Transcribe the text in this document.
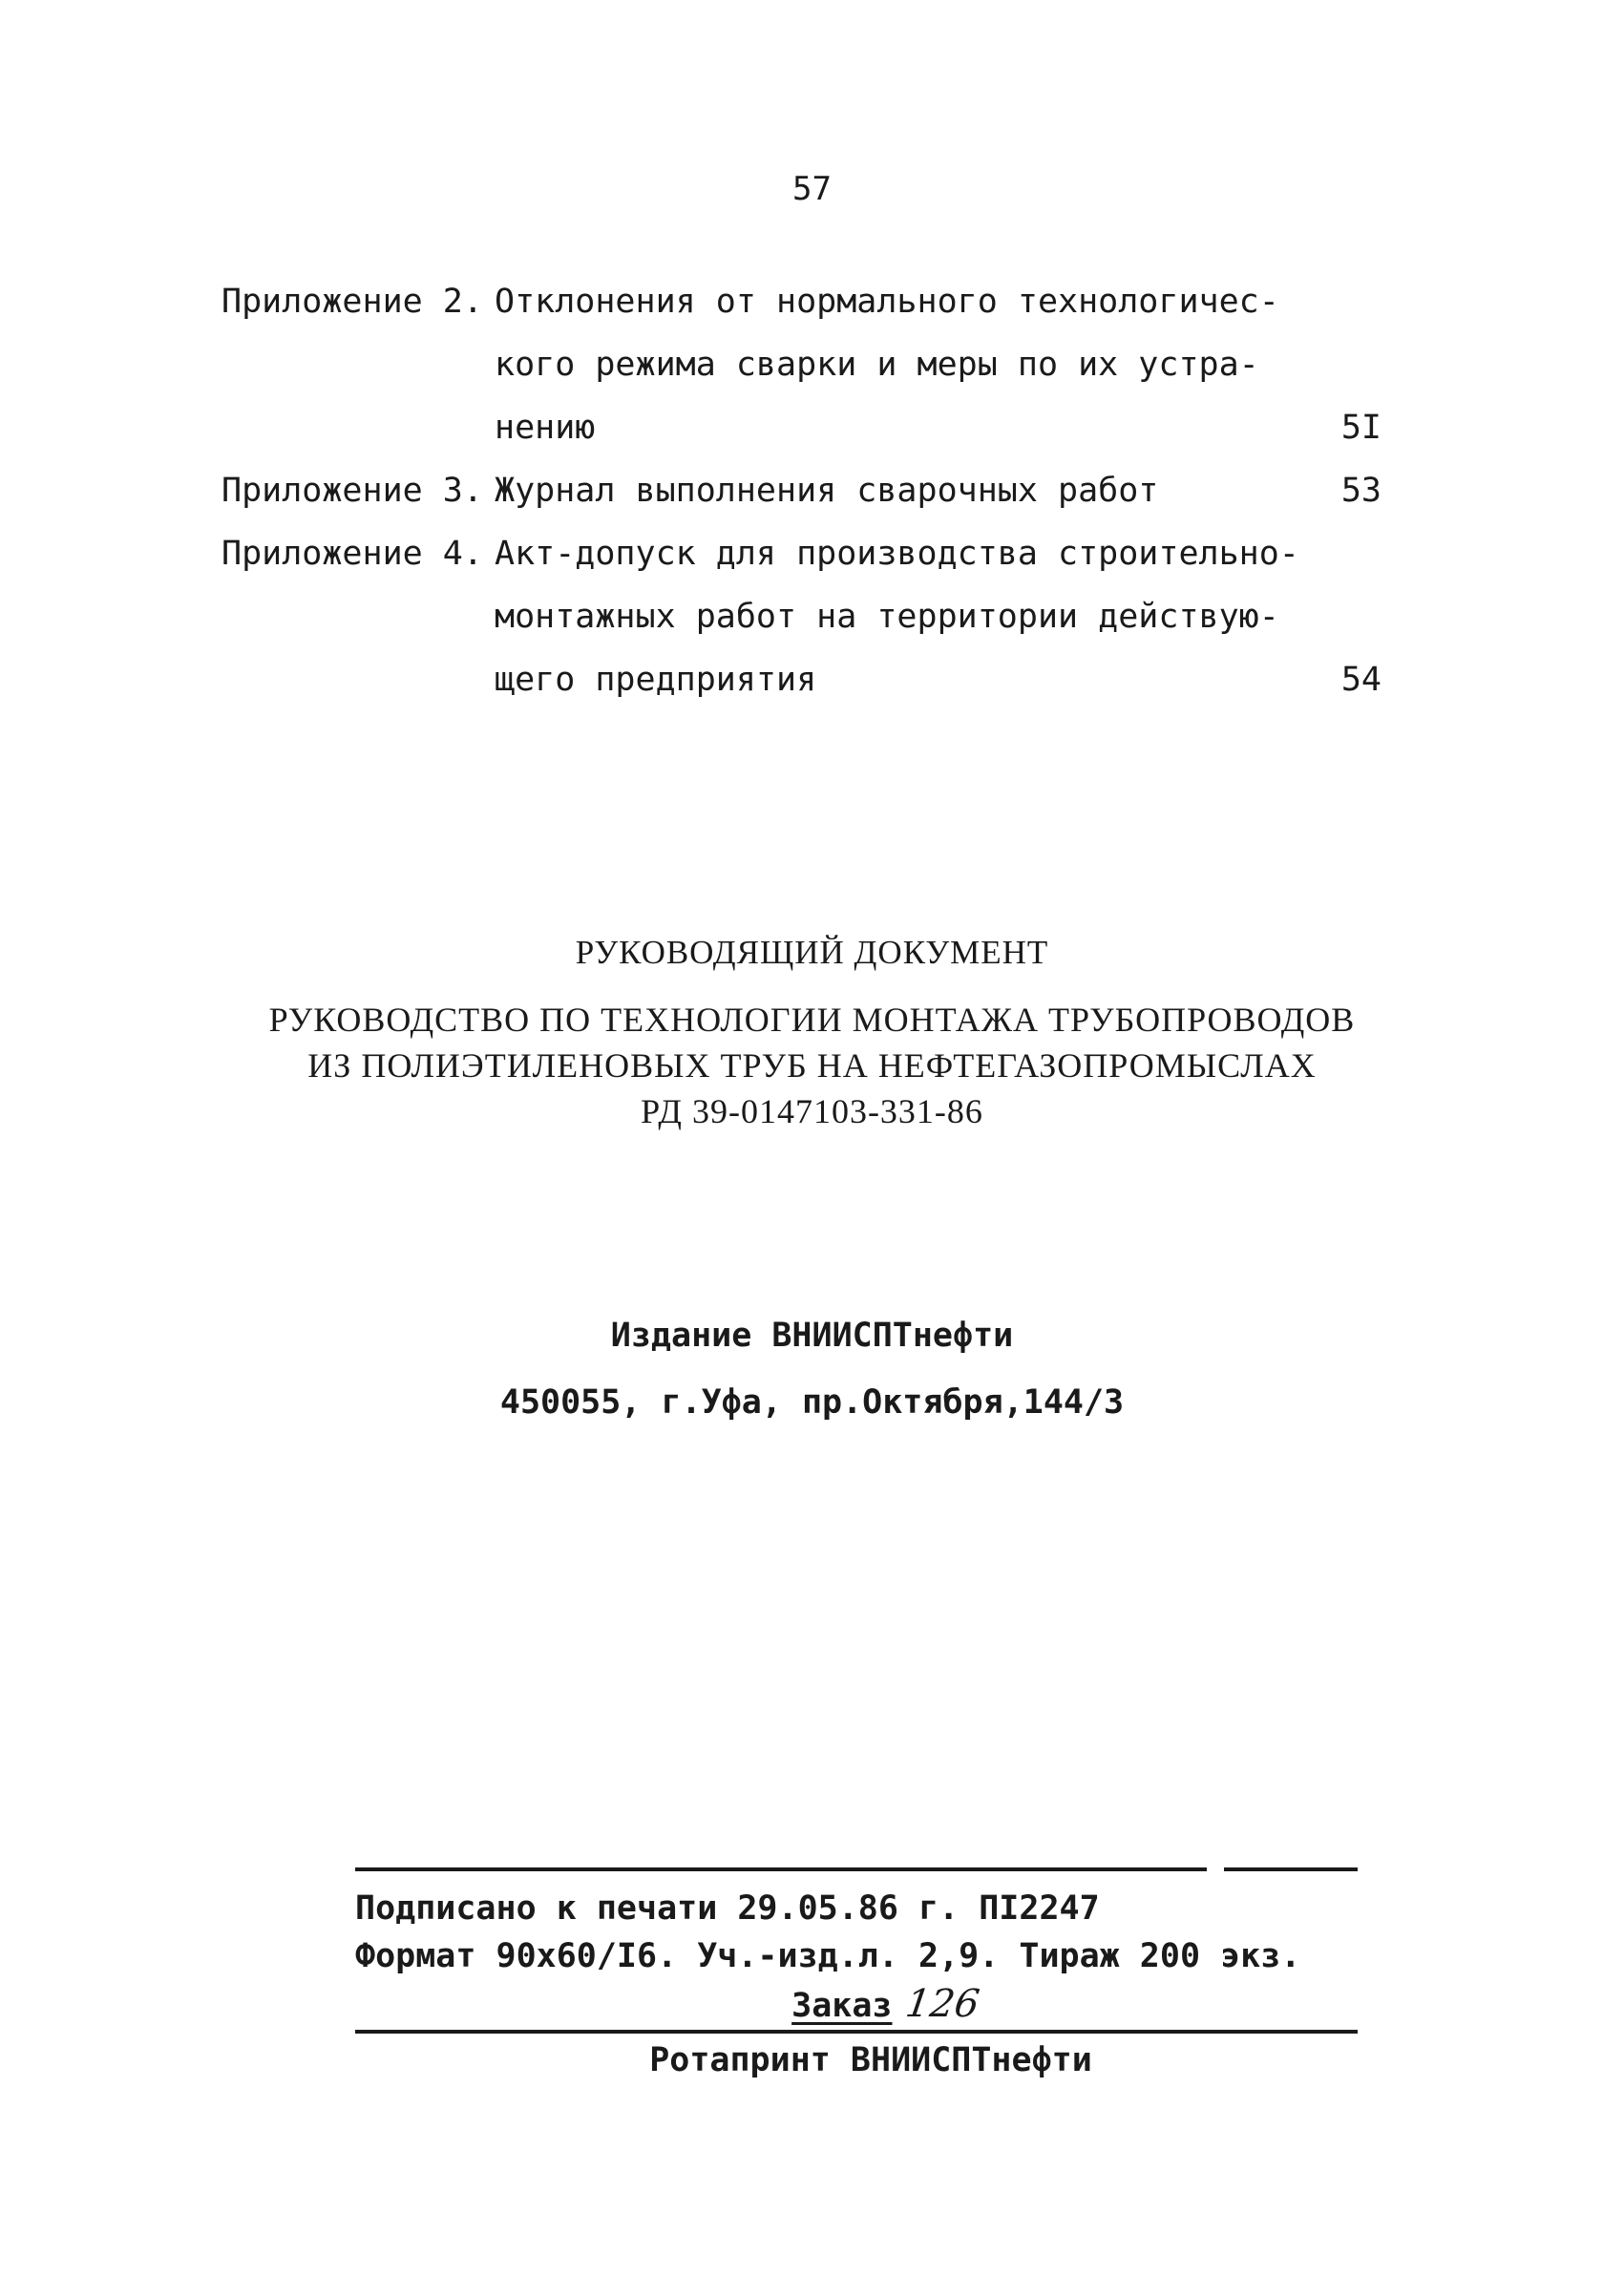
57
Приложение 2. Отклонения от нормального технологичес-
кого режима сварки и меры по их устра-
нению	5I
Приложение 3. Журнал выполнения сварочных работ	53
Приложение 4. Акт-допуск для производства строительно-
монтажных работ на территории действую-
щего предприятия	54
РУКОВОДЯЩИЙ ДОКУМЕНТ
РУКОВОДСТВО ПО ТЕХНОЛОГИИ МОНТАЖА ТРУБОПРОВОДОВ
ИЗ ПОЛИЭТИЛЕНОВЫХ ТРУБ НА НЕФТЕГАЗОПРОМЫСЛАХ
РД 39-0147103-331-86
Издание ВНИИСПТнефти
450055, г.Уфа, пр.Октября,144/3
Подписано к печати 29.05.86 г. ПI2247
Формат 90х60/I6. Уч.-изд.л. 2,9. Тираж 200 экз.
Заказ 126
Ротапринт ВНИИСПТнефти
